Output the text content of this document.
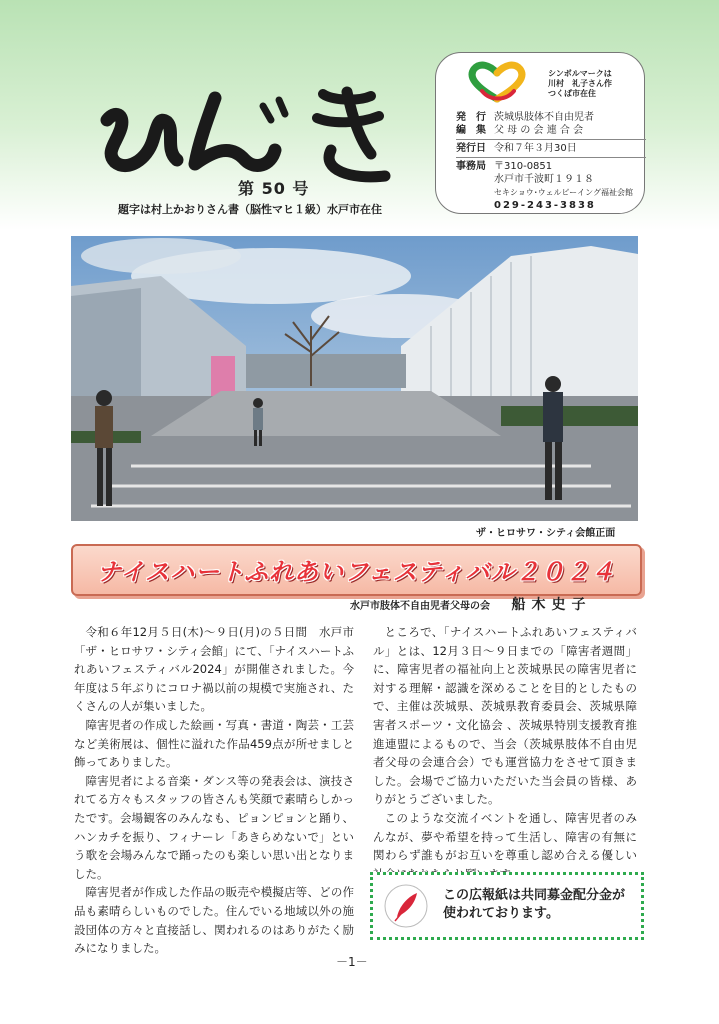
第 50 号
題字は村上かおりさん書（脳性マヒ１級）水戸市在住
シンボルマークは
川村　礼子さん作
つくば市在住
発　行 茨城県肢体不自由児者
編　集 父 母 の 会 連 合 会
発行日 令和７年３月30日
事務局 〒310-0851
水戸市千波町１９１８
セキショウ･ウェルビーイング福祉会館
029-243-3838
ザ・ヒロサワ・シティ会館正面
ナイスハートふれあいフェスティバル２０２４
水戸市肢体不自由児者父母の会 船木史子

令和６年12月５日(木)～９日(月)の５日間　水戸市「ザ・ヒロサワ・シティ会館」にて、「ナイスハートふれあいフェスティバル2024」が開催されました。今年度は５年ぶりにコロナ禍以前の規模で実施され、たくさんの人が集いました。

障害児者の作成した絵画・写真・書道・陶芸・工芸など美術展は、個性に溢れた作品459点が所せましと飾ってありました。

障害児者による音楽・ダンス等の発表会は、演技されてる方々もスタッフの皆さんも笑顔で素晴らしかったです。会場観客のみんなも、ピョンピョンと踊り、ハンカチを振り、フィナーレ「あきらめないで」という歌を会場みんなで踊ったのも楽しい思い出となりました。

障害児者が作成した作品の販売や模擬店等、どの作品も素晴らしいものでした。住んでいる地域以外の施設団体の方々と直接話し、関われるのはありがたく励みになりました。

ところで、「ナイスハートふれあいフェスティバル」とは、12月３日～９日までの「障害者週間」に、障害児者の福祉向上と茨城県民の障害児者に対する理解・認識を深めることを目的としたもので、主催は茨城県、茨城県教育委員会、茨城県障害者スポーツ・文化協会 、茨城県特別支援教育推進連盟によるもので、当会（茨城県肢体不自由児者父母の会連合会）でも運営協力をさせて頂きました。会場でご協力いただいた当会員の皆様、ありがとうございました。

このような交流イベントを通し、障害児者のみんなが、夢や希望を持って生活し、障害の有無に関わらず誰もがお互いを尊重し認め合える優しい

この広報紙は共同募金配分金が
使われております。
－1－
